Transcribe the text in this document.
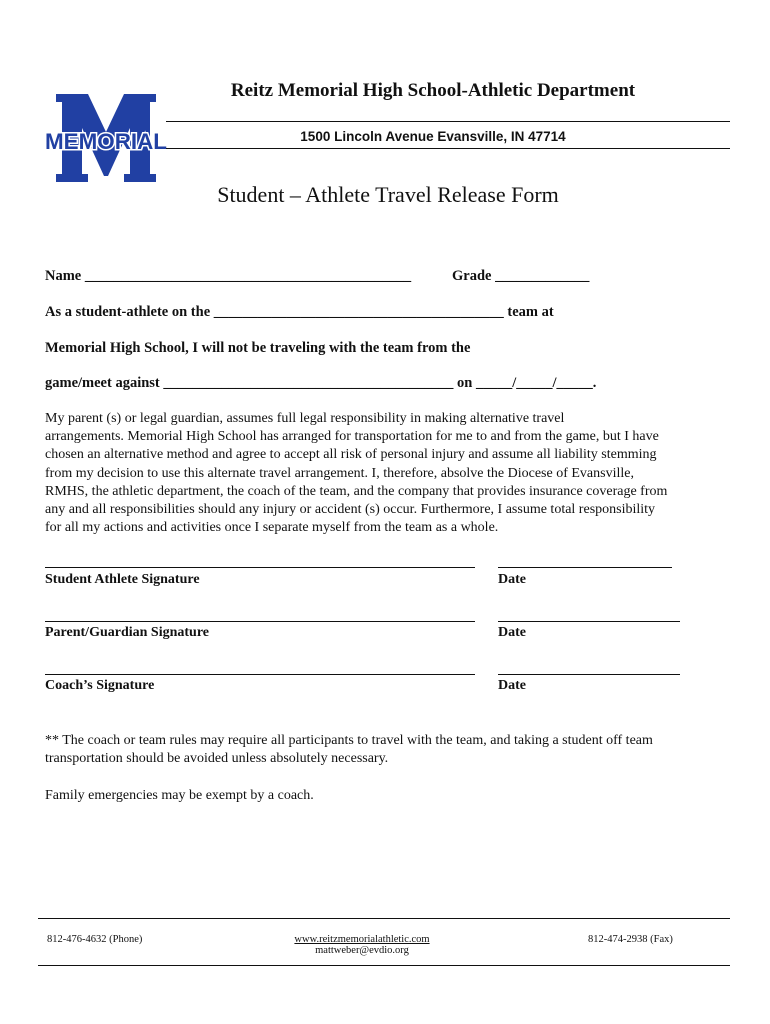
MEMORIAL
Reitz Memorial High School-Athletic Department
1500 Lincoln Avenue Evansville, IN 47714
Student – Athlete Travel Release Form
Name _____________________________________________	Grade _____________
As a student-athlete on the ________________________________________ team at
Memorial High School, I will not be traveling with the team from the
game/meet against ________________________________________ on _____/_____/_____.
My parent (s) or legal guardian, assumes full legal responsibility in making alternative travel
arrangements. Memorial High School has arranged for transportation for me to and from the game, but I have
chosen an alternative method and agree to accept all risk of personal injury and assume all liability stemming
from my decision to use this alternate travel arrangement. I, therefore, absolve the Diocese of Evansville,
RMHS, the athletic department, the coach of the team, and the company that provides insurance coverage from
any and all responsibilities should any injury or accident (s) occur. Furthermore, I assume total responsibility
for all my actions and activities once I separate myself from the team as a whole.
Student Athlete Signature	Date
Parent/Guardian Signature	Date
Coach’s Signature	Date
** The coach or team rules may require all participants to travel with the team, and taking a student off team
transportation should be avoided unless absolutely necessary.
Family emergencies may be exempt by a coach.
812-476-4632 (Phone)	www.reitzmemorialathletic.com
mattweber@evdio.org
812-474-2938 (Fax)
